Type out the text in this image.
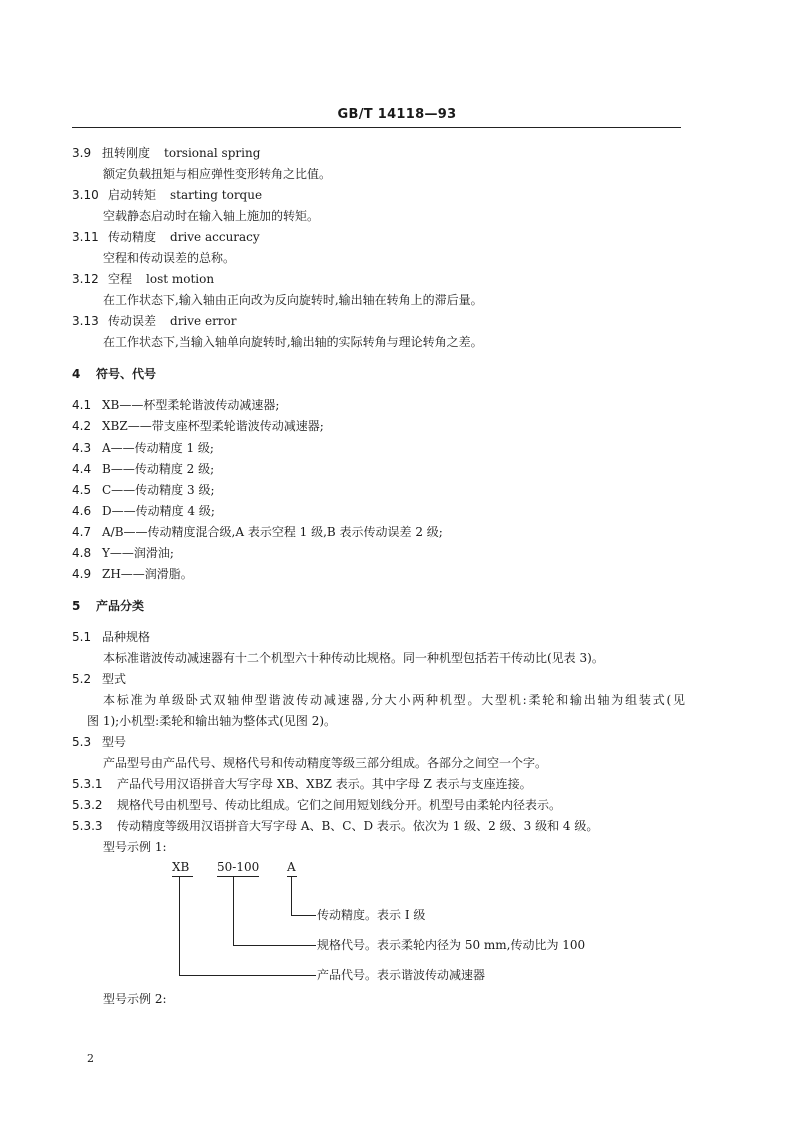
GB/T 14118—93
3.9 扭转刚度 torsional spring
额定负载扭矩与相应弹性变形转角之比值。
3.10 启动转矩 starting torque
空载静态启动时在输入轴上施加的转矩。
3.11 传动精度 drive accuracy
空程和传动误差的总称。
3.12 空程 lost motion
在工作状态下,输入轴由正向改为反向旋转时,输出轴在转角上的滞后量。
3.13 传动误差 drive error
在工作状态下,当输入轴单向旋转时,输出轴的实际转角与理论转角之差。
4 符号、代号
4.1 XB——杯型柔轮谐波传动减速器;
4.2 XBZ——带支座杯型柔轮谐波传动减速器;
4.3 A——传动精度 1 级;
4.4 B——传动精度 2 级;
4.5 C——传动精度 3 级;
4.6 D——传动精度 4 级;
4.7 A/B——传动精度混合级,A 表示空程 1 级,B 表示传动误差 2 级;
4.8 Y——润滑油;
4.9 ZH——润滑脂。
5 产品分类
5.1 品种规格
本标准谐波传动减速器有十二个机型六十种传动比规格。同一种机型包括若干传动比(见表 3)。
5.2 型式
本标准为单级卧式双轴伸型谐波传动减速器,分大小两种机型。大型机:柔轮和输出轴为组装式(见
图 1);小机型:柔轮和输出轴为整体式(见图 2)。
5.3 型号
产品型号由产品代号、规格代号和传动精度等级三部分组成。各部分之间空一个字。
5.3.1 产品代号用汉语拼音大写字母 XB、XBZ 表示。其中字母 Z 表示与支座连接。
5.3.2 规格代号由机型号、传动比组成。它们之间用短划线分开。机型号由柔轮内径表示。
5.3.3 传动精度等级用汉语拼音大写字母 A、B、C、D 表示。依次为 1 级、2 级、3 级和 4 级。
型号示例 1:
XB 50-100 A
传动精度。表示 I 级
规格代号。表示柔轮内径为 50 mm,传动比为 100
产品代号。表示谐波传动减速器
型号示例 2:
2
